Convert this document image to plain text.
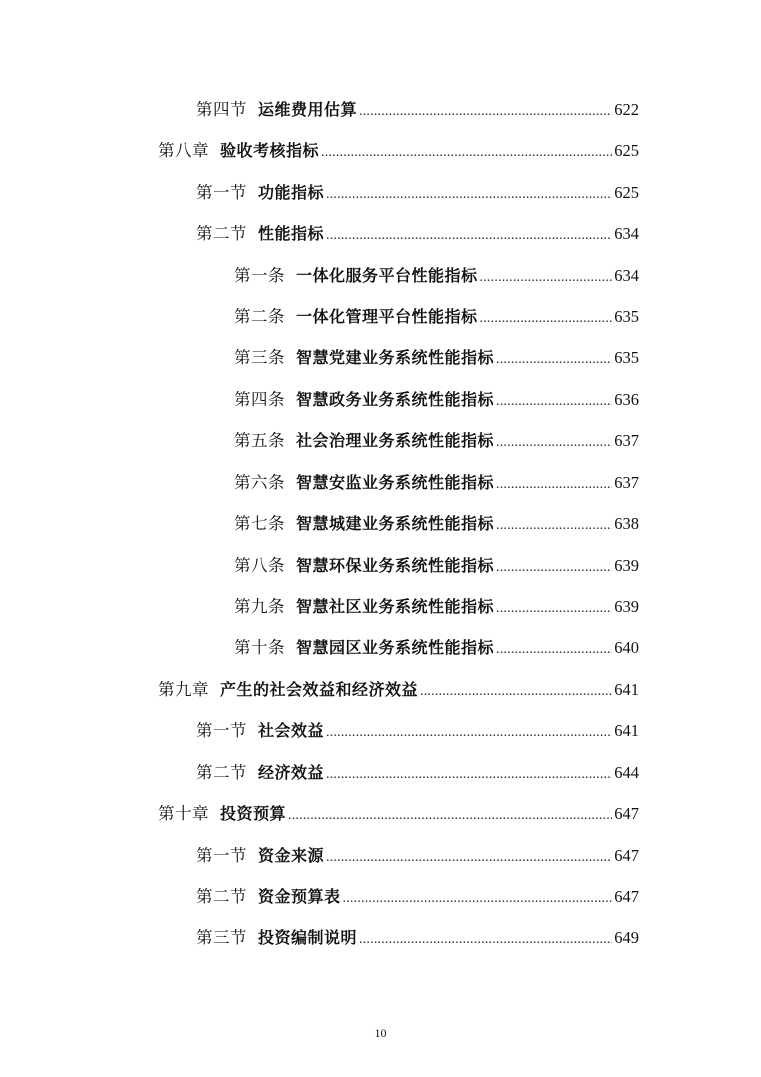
第四节 运维费用估算 .....	622
第八章 验收考核指标 .....	625
第一节 功能指标 .....	625
第二节 性能指标 .....	634
第一条 一体化服务平台性能指标 .....	634
第二条 一体化管理平台性能指标 .....	635
第三条 智慧党建业务系统性能指标 .....	635
第四条 智慧政务业务系统性能指标 .....	636
第五条 社会治理业务系统性能指标 .....	637
第六条 智慧安监业务系统性能指标 .....	637
第七条 智慧城建业务系统性能指标 .....	638
第八条 智慧环保业务系统性能指标 .....	639
第九条 智慧社区业务系统性能指标 .....	639
第十条 智慧园区业务系统性能指标 .....	640
第九章 产生的社会效益和经济效益 .....	641
第一节 社会效益 .....	641
第二节 经济效益 .....	644
第十章 投资预算 .....	647
第一节 资金来源 .....	647
第二节 资金预算表 .....	647
第三节 投资编制说明 .....	649
10
